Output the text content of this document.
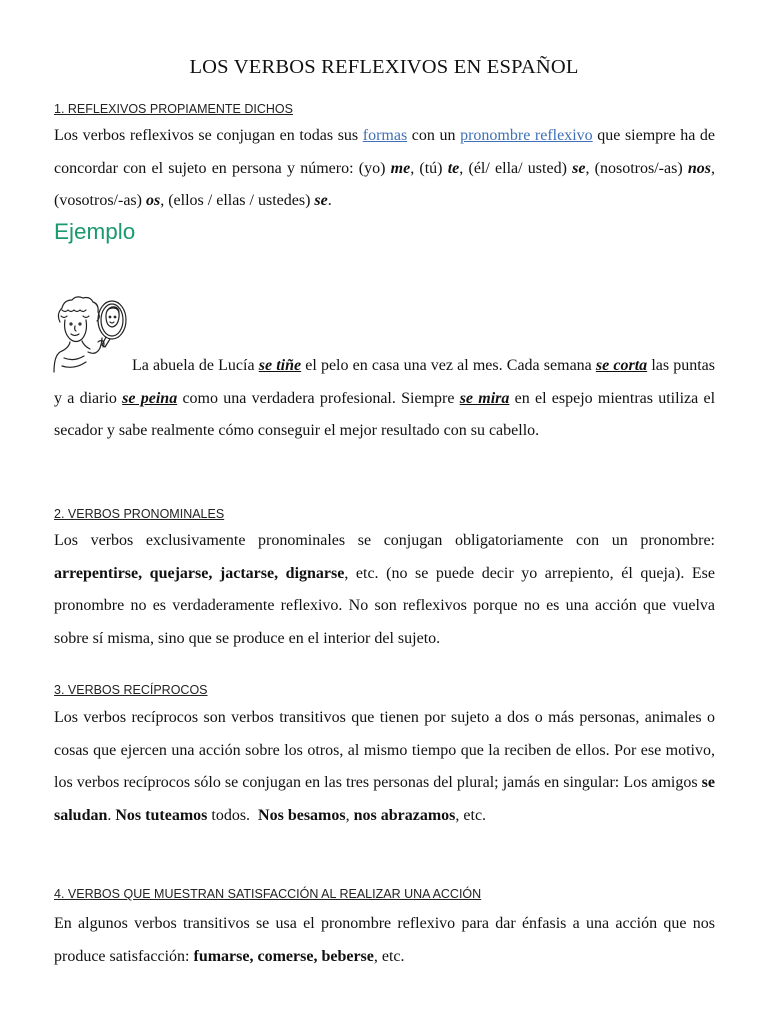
LOS VERBOS REFLEXIVOS EN ESPAÑOL
1. REFLEXIVOS PROPIAMENTE DICHOS
Los verbos reflexivos se conjugan en todas sus formas con un pronombre reflexivo que siempre ha de concordar con el sujeto en persona y número: (yo) me, (tú) te, (él/ ella/ usted) se, (nosotros/-as) nos, (vosotros/-as) os, (ellos / ellas / ustedes) se.
Ejemplo
La abuela de Lucía se tiñe el pelo en casa una vez al mes. Cada semana se corta las puntas y a diario se peina como una verdadera profesional. Siempre se mira en el espejo mientras utiliza el secador y sabe realmente cómo conseguir el mejor resultado con su cabello.
2. VERBOS PRONOMINALES
Los verbos exclusivamente pronominales se conjugan obligatoriamente con un pronombre: arrepentirse, quejarse, jactarse, dignarse, etc. (no se puede decir yo arrepiento, él queja). Ese pronombre no es verdaderamente reflexivo. No son reflexivos porque no es una acción que vuelva sobre sí misma, sino que se produce en el interior del sujeto.
3. VERBOS RECÍPROCOS
Los verbos recíprocos son verbos transitivos que tienen por sujeto a dos o más personas, animales o cosas que ejercen una acción sobre los otros, al mismo tiempo que la reciben de ellos. Por ese motivo, los verbos recíprocos sólo se conjugan en las tres personas del plural; jamás en singular: Los amigos se saludan. Nos tuteamos todos.  Nos besamos, nos abrazamos, etc.
4. VERBOS QUE MUESTRAN SATISFACCIÓN AL REALIZAR UNA ACCIÓN
En algunos verbos transitivos se usa el pronombre reflexivo para dar énfasis a una acción que nos produce satisfacción: fumarse, comerse, beberse, etc.
